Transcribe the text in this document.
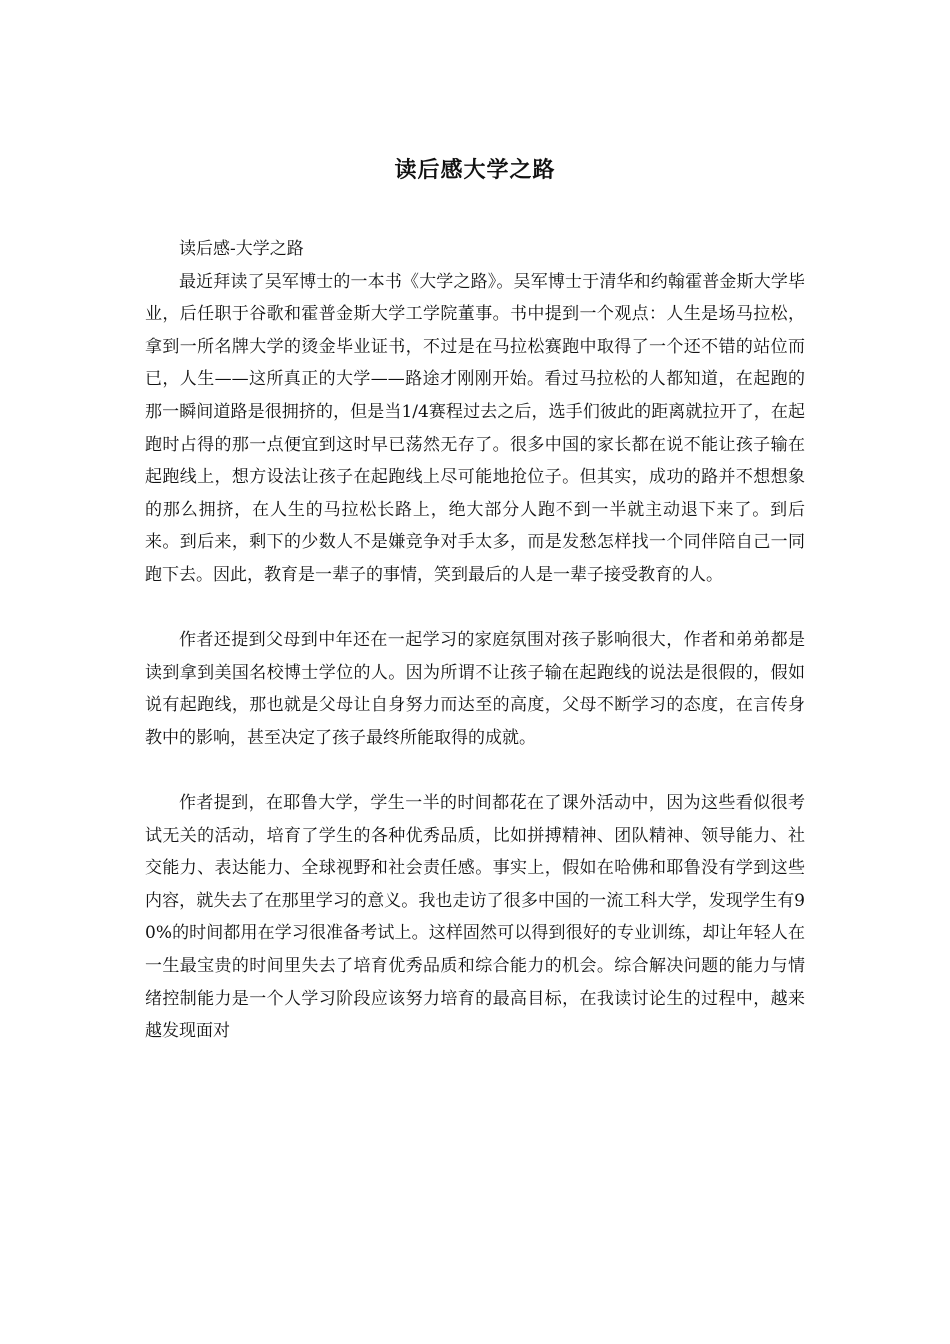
读后感大学之路

读后感-大学之路

最近拜读了吴军博士的一本书《大学之路》。吴军博士于清华和约翰霍普金斯大学毕业，后任职于谷歌和霍普金斯大学工学院董事。书中提到一个观点：人生是场马拉松，拿到一所名牌大学的烫金毕业证书，不过是在马拉松赛跑中取得了一个还不错的站位而已，人生——这所真正的大学——路途才刚刚开始。看过马拉松的人都知道，在起跑的那一瞬间道路是很拥挤的，但是当1/4赛程过去之后，选手们彼此的距离就拉开了，在起跑时占得的那一点便宜到这时早已荡然无存了。很多中国的家长都在说不能让孩子输在起跑线上，想方设法让孩子在起跑线上尽可能地抢位子。但其实，成功的路并不想想象的那么拥挤，在人生的马拉松长路上，绝大部分人跑不到一半就主动退下来了。到后来。到后来，剩下的少数人不是嫌竞争对手太多，而是发愁怎样找一个同伴陪自己一同跑下去。因此，教育是一辈子的事情，笑到最后的人是一辈子接受教育的人。

作者还提到父母到中年还在一起学习的家庭氛围对孩子影响很大，作者和弟弟都是读到拿到美国名校博士学位的人。因为所谓不让孩子输在起跑线的说法是很假的，假如说有起跑线，那也就是父母让自身努力而达至的高度，父母不断学习的态度，在言传身教中的影响，甚至决定了孩子最终所能取得的成就。

作者提到，在耶鲁大学，学生一半的时间都花在了课外活动中，因为这些看似很考试无关的活动，培育了学生的各种优秀品质，比如拼搏精神、团队精神、领导能力、社交能力、表达能力、全球视野和社会责任感。事实上，假如在哈佛和耶鲁没有学到这些内容，就失去了在那里学习的意义。我也走访了很多中国的一流工科大学，发现学生有90%的时间都用在学习很准备考试上。这样固然可以得到很好的专业训练，却让年轻人在一生最宝贵的时间里失去了培育优秀品质和综合能力的机会。综合解决问题的能力与情绪控制能力是一个人学习阶段应该努力培育的最高目标，在我读讨论生的过程中，越来越发现面对
